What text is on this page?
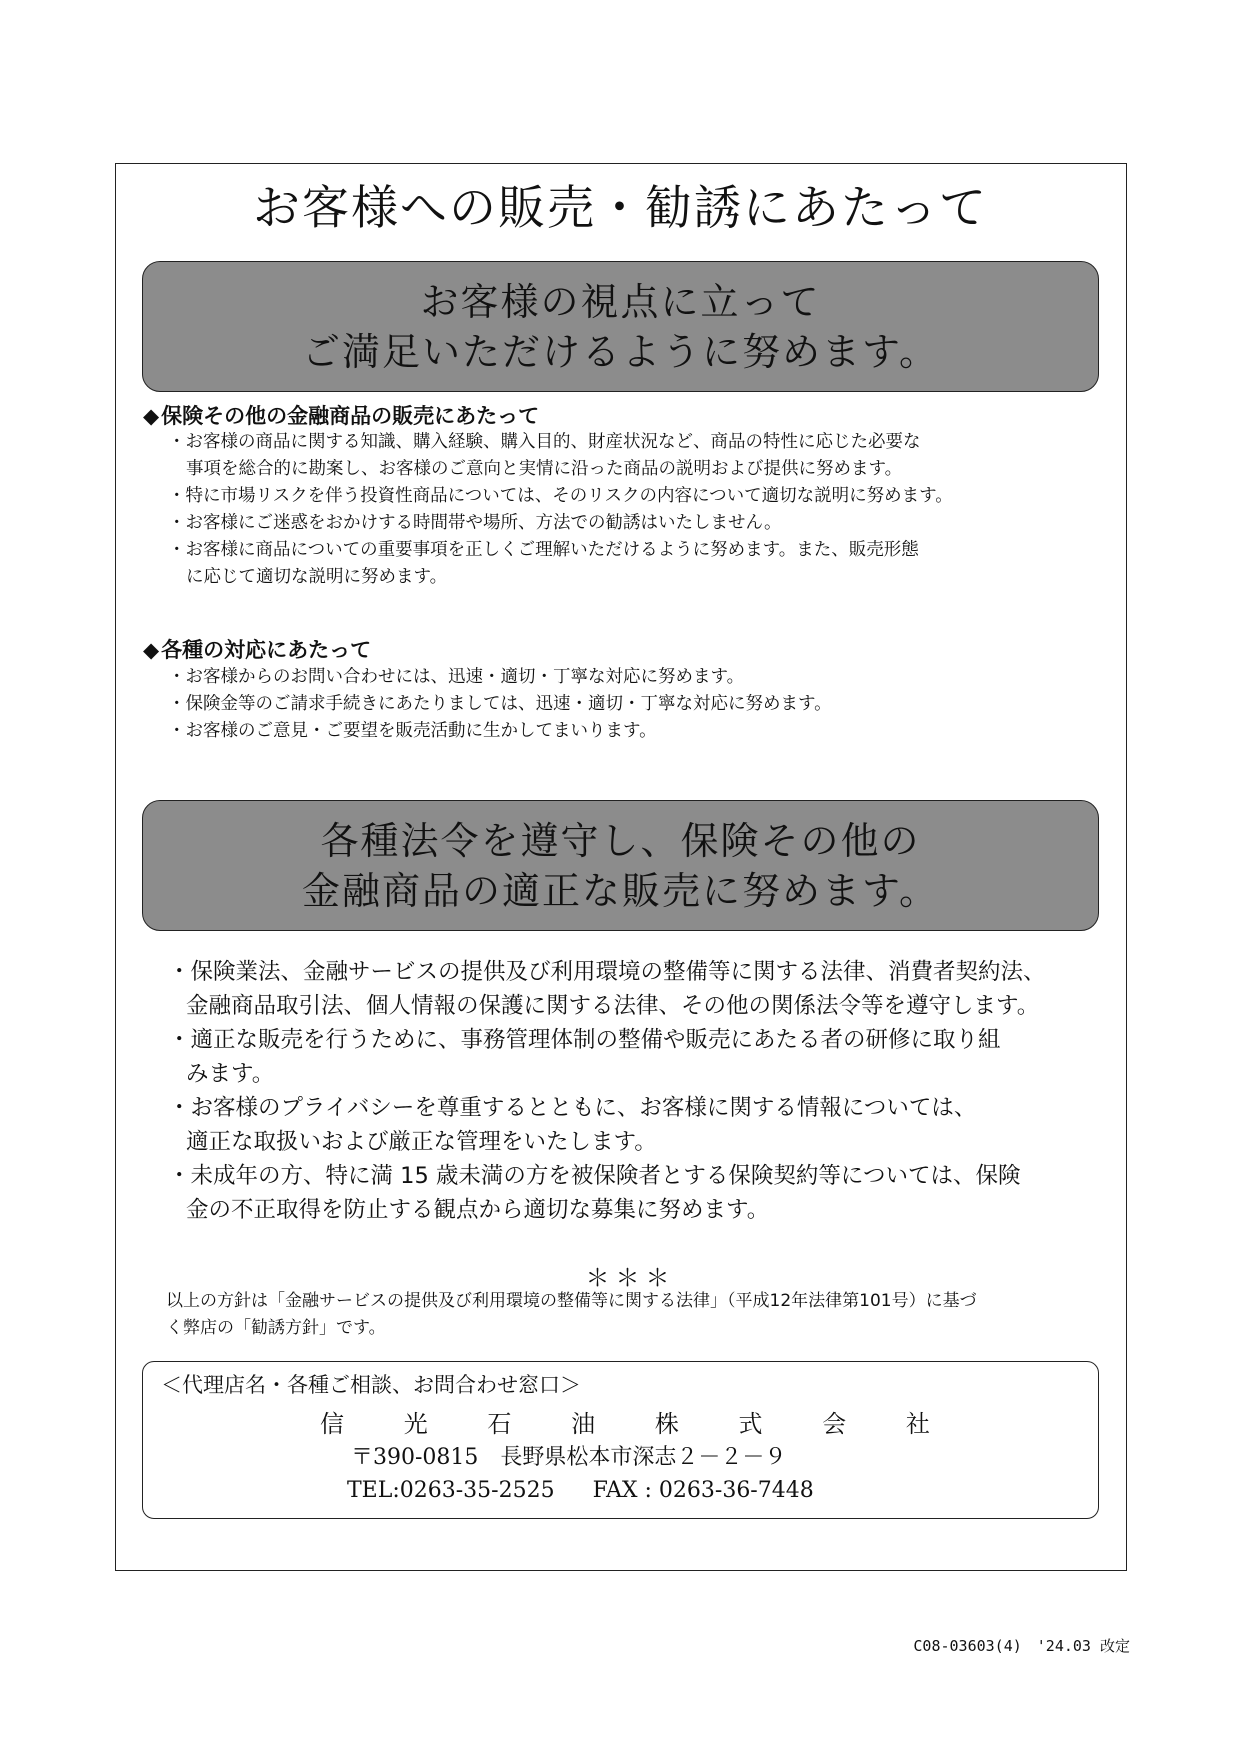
お客様への販売・勧誘にあたって
お客様の視点に立って
ご満足いただけるように努めます。
◆保険その他の金融商品の販売にあたって
・お客様の商品に関する知識、購入経験、購入目的、財産状況など、商品の特性に応じた必要な
事項を総合的に勘案し、お客様のご意向と実情に沿った商品の説明および提供に努めます。
・特に市場リスクを伴う投資性商品については、そのリスクの内容について適切な説明に努めます。
・お客様にご迷惑をおかけする時間帯や場所、方法での勧誘はいたしません。
・お客様に商品についての重要事項を正しくご理解いただけるように努めます。また、販売形態
に応じて適切な説明に努めます。
◆各種の対応にあたって
・お客様からのお問い合わせには、迅速・適切・丁寧な対応に努めます。
・保険金等のご請求手続きにあたりましては、迅速・適切・丁寧な対応に努めます。
・お客様のご意見・ご要望を販売活動に生かしてまいります。
各種法令を遵守し、保険その他の
金融商品の適正な販売に努めます。
・保険業法、金融サービスの提供及び利用環境の整備等に関する法律、消費者契約法、
金融商品取引法、個人情報の保護に関する法律、その他の関係法令等を遵守します。
・適正な販売を行うために、事務管理体制の整備や販売にあたる者の研修に取り組
みます。
・お客様のプライバシーを尊重するとともに、お客様に関する情報については、
適正な取扱いおよび厳正な管理をいたします。
・未成年の方、特に満 15 歳未満の方を被保険者とする保険契約等については、保険
金の不正取得を防止する観点から適切な募集に努めます。
＊＊＊

以上の方針は「金融サービスの提供及び利用環境の整備等に関する法律」（平成12年法律第101号）に基づ
く弊店の「勧誘方針」です。

＜代理店名・各種ご相談、お問合わせ窓口＞
信 光 石 油 株 式 会 社
〒390-0815　長野県松本市深志２－２－９
TEL:0263-35-2525 FAX : 0263-36-7448
C08-03603(4)　'24.03 改定
